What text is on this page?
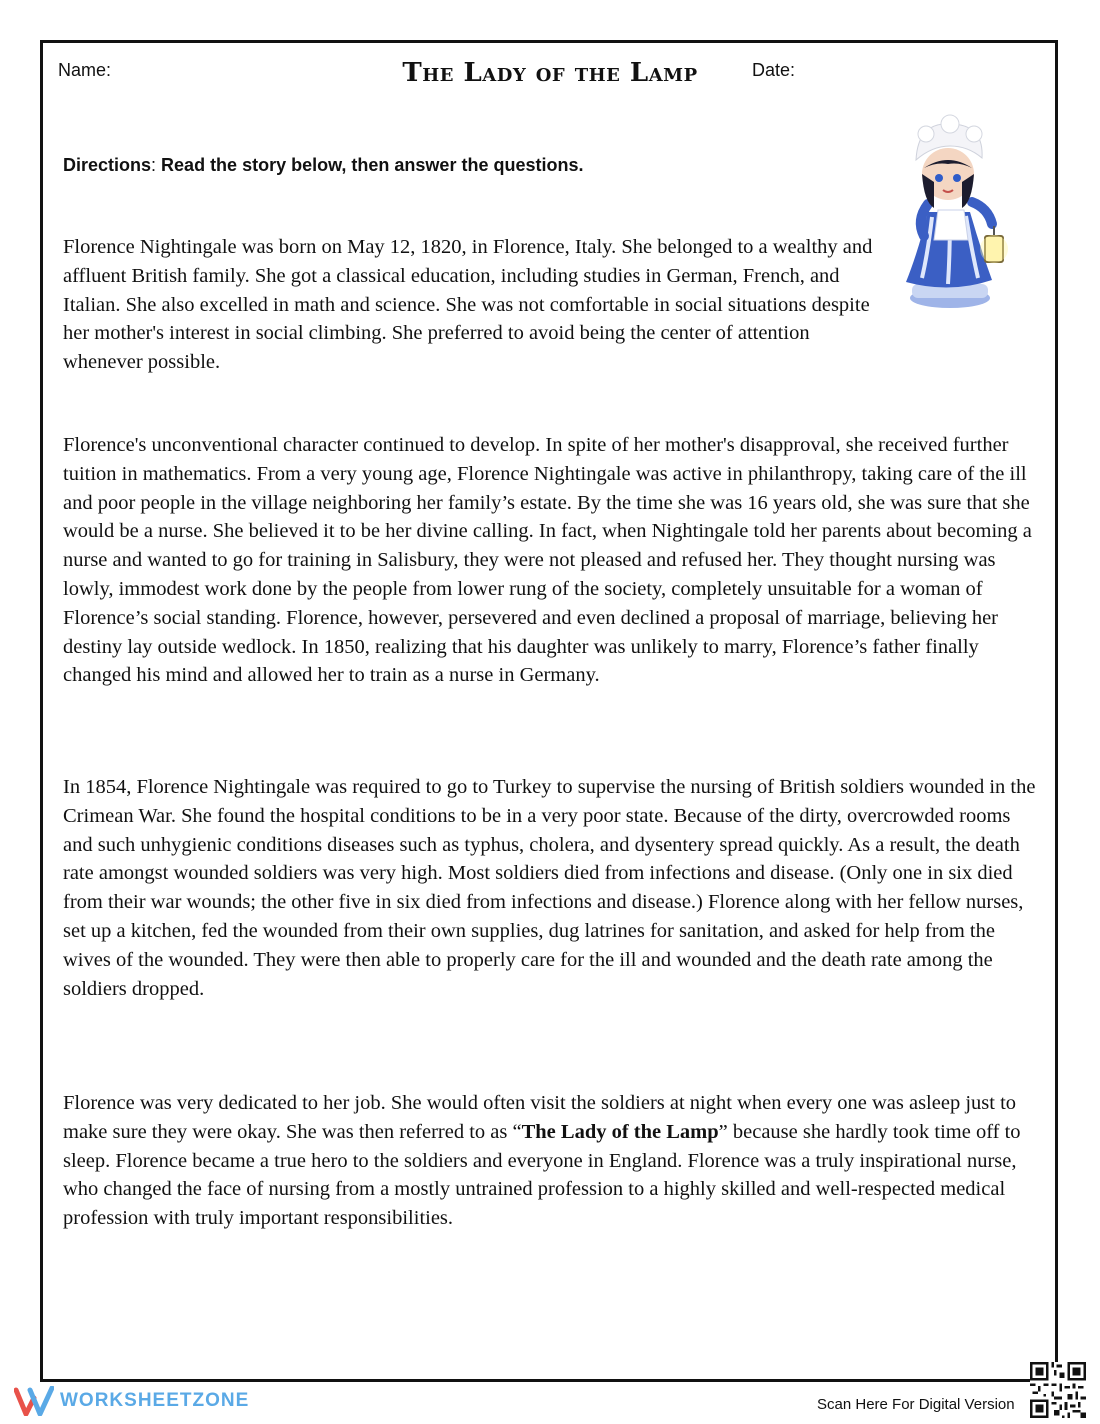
Name:	The Lady of the Lamp	Date:
Directions: Read the story below, then answer the questions.

Florence Nightingale was born on May 12, 1820, in Florence, Italy. She belonged to a wealthy and affluent British family. She got a classical education, including studies in German, French, and Italian. She also excelled in math and science. She was not comfortable in social situations despite her mother's interest in social climbing. She preferred to avoid being the center of attention whenever possible.

Florence's unconventional character continued to develop. In spite of her mother's disapproval, she received further tuition in mathematics. From a very young age, Florence Nightingale was active in philanthropy, taking care of the ill and poor people in the village neighboring her family’s estate. By the time she was 16 years old, she was sure that she would be a nurse. She believed it to be her divine calling. In fact, when Nightingale told her parents about becoming a nurse and wanted to go for training in Salisbury, they were not pleased and refused her. They thought nursing was lowly, immodest work done by the people from lower rung of the society, completely unsuitable for a woman of Florence’s social standing. Florence, however, persevered and even declined a proposal of marriage, believing her destiny lay outside wedlock. In 1850, realizing that his daughter was unlikely to marry, Florence’s father finally changed his mind and allowed her to train as a nurse in Germany.

In 1854, Florence Nightingale was required to go to Turkey to supervise the nursing of British soldiers wounded in the Crimean War. She found the hospital conditions to be in a very poor state. Because of the dirty, overcrowded rooms and such unhygienic conditions diseases such as typhus, cholera, and dysentery spread quickly. As a result, the death rate amongst wounded soldiers was very high. Most soldiers died from infections and disease. (Only one in six died from their war wounds; the other five in six died from infections and disease.) Florence along with her fellow nurses, set up a kitchen, fed the wounded from their own supplies, dug latrines for sanitation, and asked for help from the wives of the wounded. They were then able to properly care for the ill and wounded and the death rate among the soldiers dropped.

Florence was very dedicated to her job. She would often visit the soldiers at night when every one was asleep just to make sure they were okay. She was then referred to as “The Lady of the Lamp” because she hardly took time off to sleep. Florence became a true hero to the soldiers and everyone in England. Florence was a truly inspirational nurse, who changed the face of nursing from a mostly untrained profession to a highly skilled and well-respected medical profession with truly important responsibilities.

WORKSHEETZONE	Scan Here For Digital Version
